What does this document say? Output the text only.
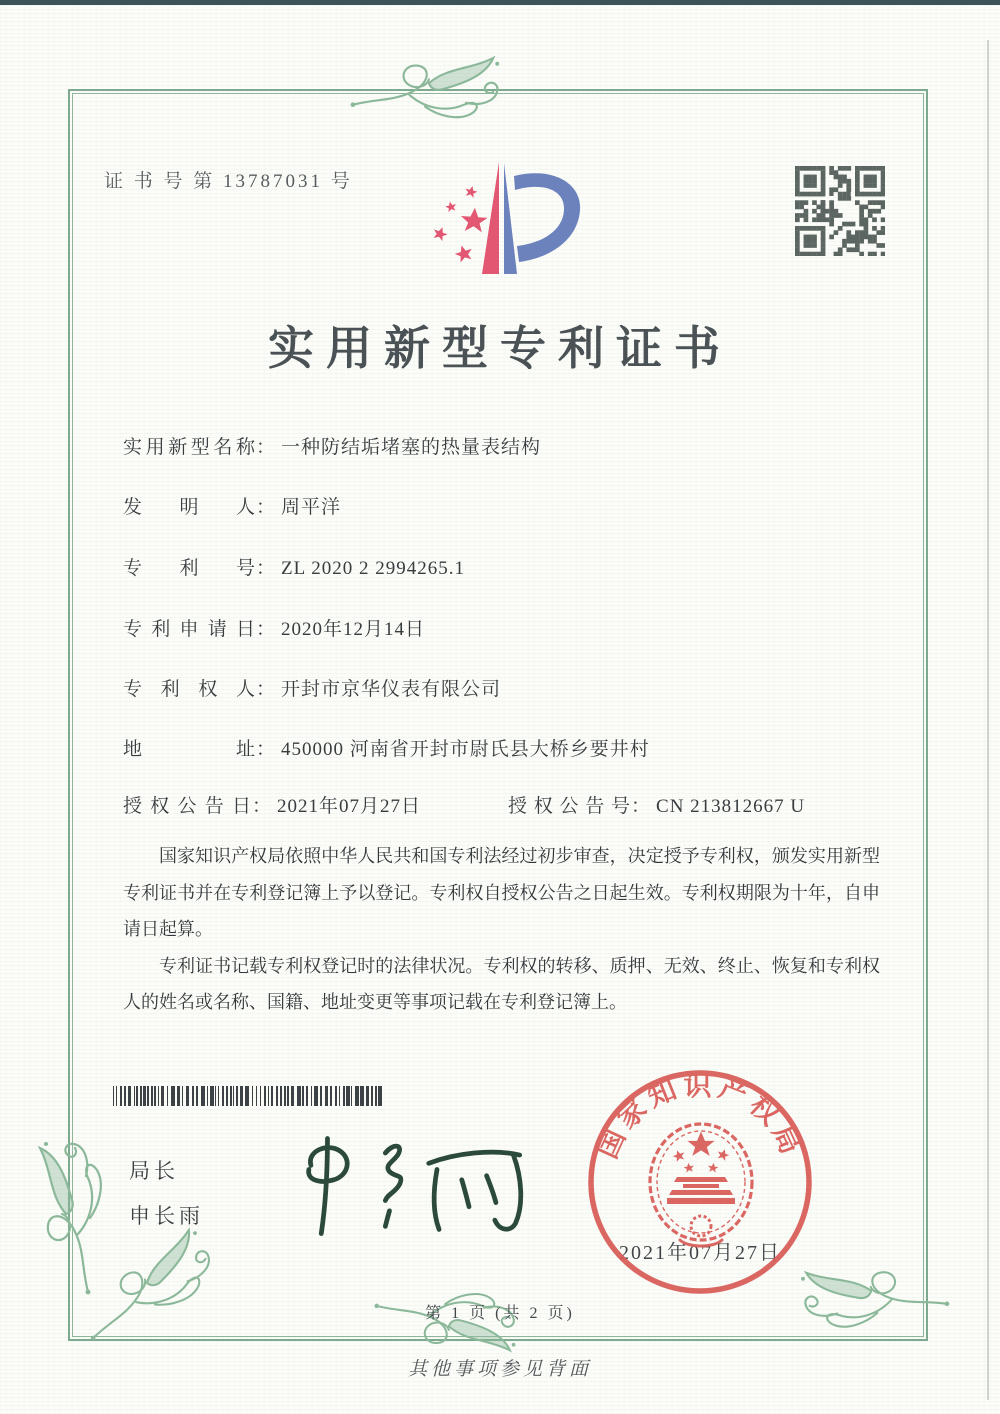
证 书 号 第 13787031 号
实用新型专利证书
实用新型名称： 一种防结垢堵塞的热量表结构
发明人： 周平洋
专利号： ZL 2020 2 2994265.1
专利申请日： 2020年12月14日
专利权人： 开封市京华仪表有限公司
地址： 450000 河南省开封市尉氏县大桥乡要井村
授权公告日： 2021年07月27日	授权公告号： CN 213812667 U

国家知识产权局依照中华人民共和国专利法经过初步审查，决定授予专利权，颁发实用新型专利证书并在专利登记簿上予以登记。专利权自授权公告之日起生效。专利权期限为十年，自申请日起算。

专利证书记载专利权登记时的法律状况。专利权的转移、质押、无效、终止、恢复和专利权人的姓名或名称、国籍、地址变更等事项记载在专利登记簿上。

局长
申长雨
2021年07月27日
国家知识产权局
第 1 页 (共 2 页)
其他事项参见背面
